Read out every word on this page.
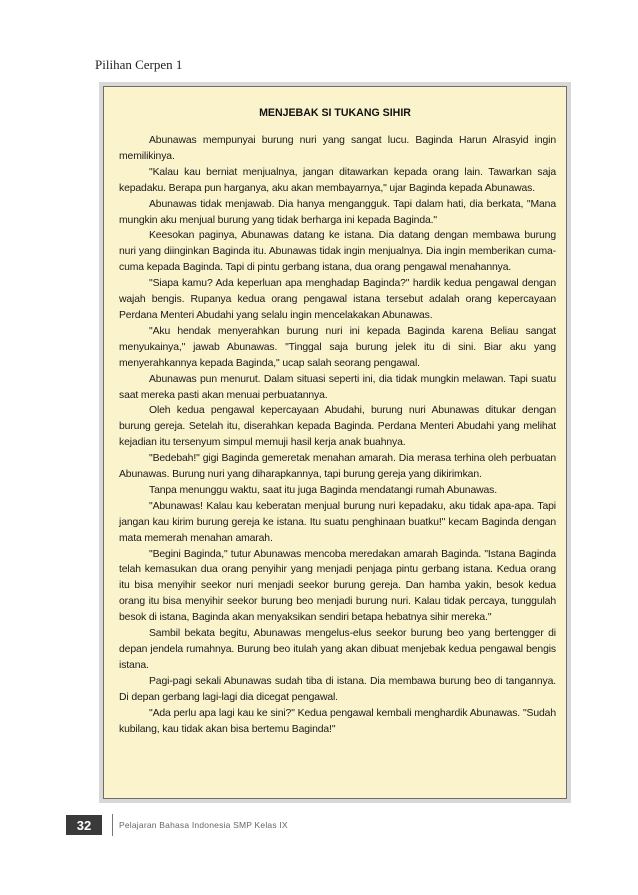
Pilihan Cerpen 1
MENJEBAK SI TUKANG SIHIR

Abunawas mempunyai burung nuri yang sangat lucu. Baginda Harun Alrasyid ingin memilikinya.

"Kalau kau berniat menjualnya, jangan ditawarkan kepada orang lain. Tawarkan saja kepadaku. Berapa pun harganya, aku akan membayarnya," ujar Baginda kepada Abunawas.

Abunawas tidak menjawab. Dia hanya mengangguk. Tapi dalam hati, dia berkata, "Mana mungkin aku menjual burung yang tidak berharga ini kepada Baginda."

Keesokan paginya, Abunawas datang ke istana. Dia datang dengan membawa burung nuri yang diinginkan Baginda itu. Abunawas tidak ingin menjualnya. Dia ingin memberikan cuma-cuma kepada Baginda. Tapi di pintu gerbang istana, dua orang pengawal menahannya.

"Siapa kamu? Ada keperluan apa menghadap Baginda?" hardik kedua pengawal dengan wajah bengis. Rupanya kedua orang pengawal istana tersebut adalah orang kepercayaan Perdana Menteri Abudahi yang selalu ingin mencelakakan Abunawas.

"Aku hendak menyerahkan burung nuri ini kepada Baginda karena Beliau sangat menyukainya," jawab Abunawas. "Tinggal saja burung jelek itu di sini. Biar aku yang menyerahkannya kepada Baginda," ucap salah seorang pengawal.

Abunawas pun menurut. Dalam situasi seperti ini, dia tidak mungkin melawan. Tapi suatu saat mereka pasti akan menuai perbuatannya.

Oleh kedua pengawal kepercayaan Abudahi, burung nuri Abunawas ditukar dengan burung gereja. Setelah itu, diserahkan kepada Baginda. Perdana Menteri Abudahi yang melihat kejadian itu tersenyum simpul memuji hasil kerja anak buahnya.

"Bedebah!" gigi Baginda gemeretak menahan amarah. Dia merasa terhina oleh perbuatan Abunawas. Burung nuri yang diharapkannya, tapi burung gereja yang dikirimkan.

Tanpa menunggu waktu, saat itu juga Baginda mendatangi rumah Abunawas.

"Abunawas! Kalau kau keberatan menjual burung nuri kepadaku, aku tidak apa-apa. Tapi jangan kau kirim burung gereja ke istana. Itu suatu penghinaan buatku!" kecam Baginda dengan mata memerah menahan amarah.

"Begini Baginda," tutur Abunawas mencoba meredakan amarah Baginda. "Istana Baginda telah kemasukan dua orang penyihir yang menjadi penjaga pintu gerbang istana. Kedua orang itu bisa menyihir seekor nuri menjadi seekor burung gereja. Dan hamba yakin, besok kedua orang itu bisa menyihir seekor burung beo menjadi burung nuri. Kalau tidak percaya, tunggulah besok di istana, Baginda akan menyaksikan sendiri betapa hebatnya sihir mereka."

Sambil bekata begitu, Abunawas mengelus-elus seekor burung beo yang bertengger di depan jendela rumahnya. Burung beo itulah yang akan dibuat menjebak kedua pengawal bengis istana.

Pagi-pagi sekali Abunawas sudah tiba di istana. Dia membawa burung beo di tangannya. Di depan gerbang lagi-lagi dia dicegat pengawal.

"Ada perlu apa lagi kau ke sini?" Kedua pengawal kembali menghardik Abunawas. "Sudah kubilang, kau tidak akan bisa bertemu Baginda!"

32	Pelajaran Bahasa Indonesia SMP Kelas IX
